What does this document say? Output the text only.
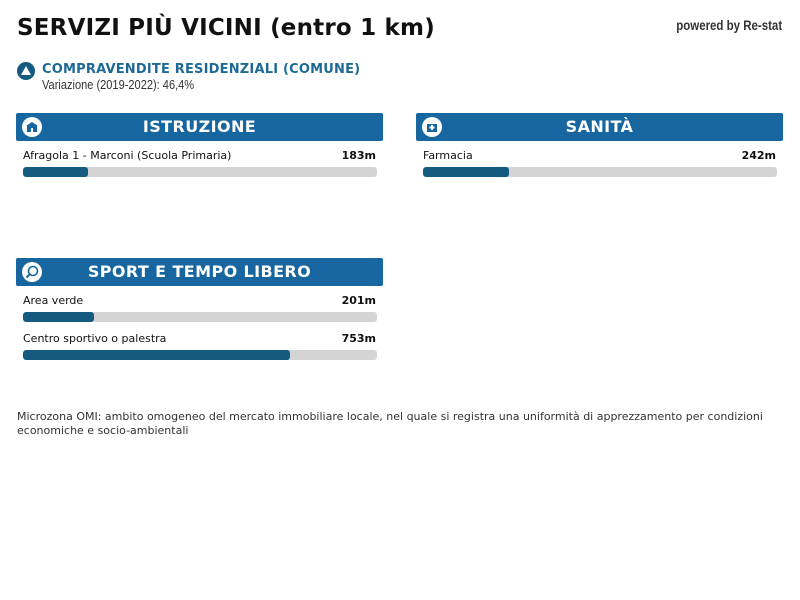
SERVIZI PIÙ VICINI (entro 1 km)	powered by Re-stat
COMPRAVENDITE RESIDENZIALI (COMUNE)
Variazione (2019-2022): 46,4%
ISTRUZIONE
Afragola 1 - Marconi (Scuola Primaria)	183m
SANITÀ
Farmacia	242m
SPORT E TEMPO LIBERO
Area verde	201m
Centro sportivo o palestra	753m
Microzona OMI: ambito omogeneo del mercato immobiliare locale, nel quale si registra una uniformità di apprezzamento per condizioni economiche e socio-ambientali
